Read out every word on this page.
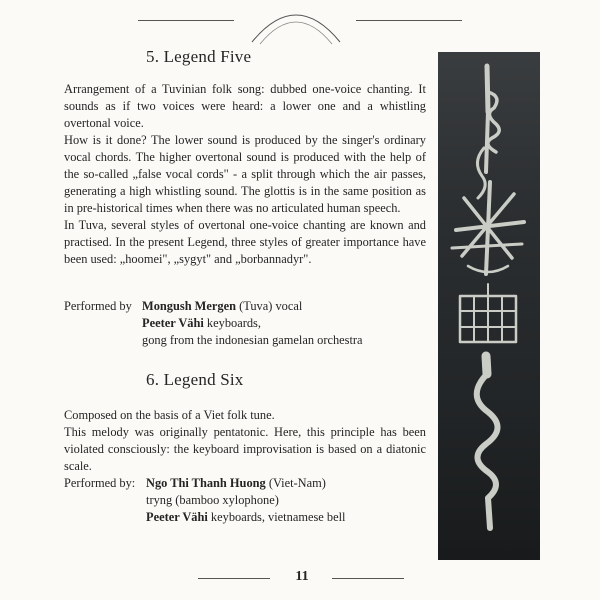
5. Legend Five
Arrangement of a Tuvinian folk song: dubbed one-voice chanting. It sounds as if two voices were heard: a lower one and a whistling overtonal voice.
How is it done? The lower sound is produced by the singer's ordinary vocal chords. The higher overtonal sound is produced with the help of the so-called „false vocal cords" - a split through which the air passes, generating a high whistling sound. The glottis is in the same position as in pre-historical times when there was no articulated human speech.
In Tuva, several styles of overtonal one-voice chanting are known and practised. In the present Legend, three styles of greater importance have been used: „hoomei", „sygyt" and „borbannadyr".
Performed by Mongush Mergen (Tuva) vocal
Peeter Vähi keyboards,
gong from the indonesian gamelan orchestra
6. Legend Six
Composed on the basis of a Viet folk tune.
This melody was originally pentatonic. Here, this principle has been violated consciously: the keyboard improvisation is based on a diatonic scale.
Performed by: Ngo Thi Thanh Huong (Viet-Nam)
tryng (bamboo xylophone)
Peeter Vähi keyboards, vietnamese bell
11
